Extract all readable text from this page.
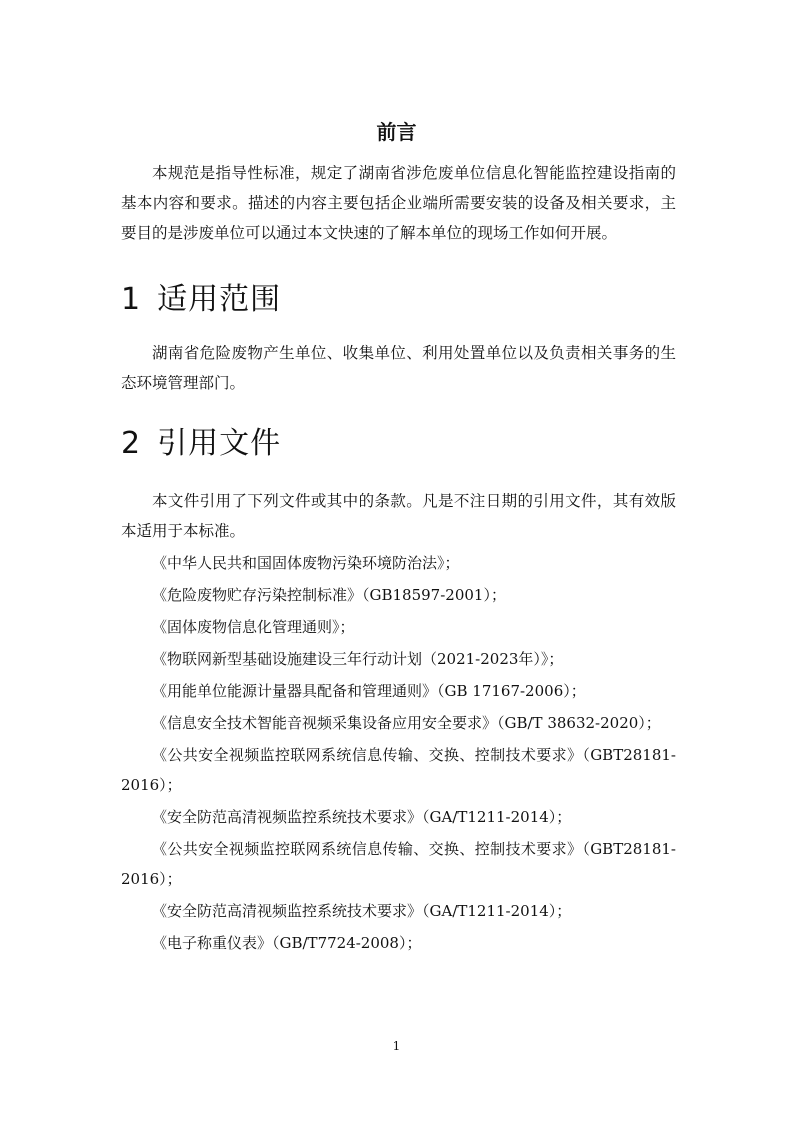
前言
本规范是指导性标准，规定了湖南省涉危废单位信息化智能监控建设指南的基本内容和要求。描述的内容主要包括企业端所需要安装的设备及相关要求，主要目的是涉废单位可以通过本文快速的了解本单位的现场工作如何开展。
1 适用范围
湖南省危险废物产生单位、收集单位、利用处置单位以及负责相关事务的生态环境管理部门。
2 引用文件
本文件引用了下列文件或其中的条款。凡是不注日期的引用文件，其有效版本适用于本标准。
《中华人民共和国固体废物污染环境防治法》；
《危险废物贮存污染控制标准》（GB18597-2001）；
《固体废物信息化管理通则》；
《物联网新型基础设施建设三年行动计划（2021-2023年）》；
《用能单位能源计量器具配备和管理通则》（GB 17167-2006）；
《信息安全技术智能音视频采集设备应用安全要求》（GB/T 38632-2020）；
《公共安全视频监控联网系统信息传输、交换、控制技术要求》（GBT28181-2016）；
《安全防范高清视频监控系统技术要求》（GA/T1211-2014）；
《公共安全视频监控联网系统信息传输、交换、控制技术要求》（GBT28181-2016）；
《安全防范高清视频监控系统技术要求》（GA/T1211-2014）；
《电子称重仪表》（GB/T7724-2008）；
1
